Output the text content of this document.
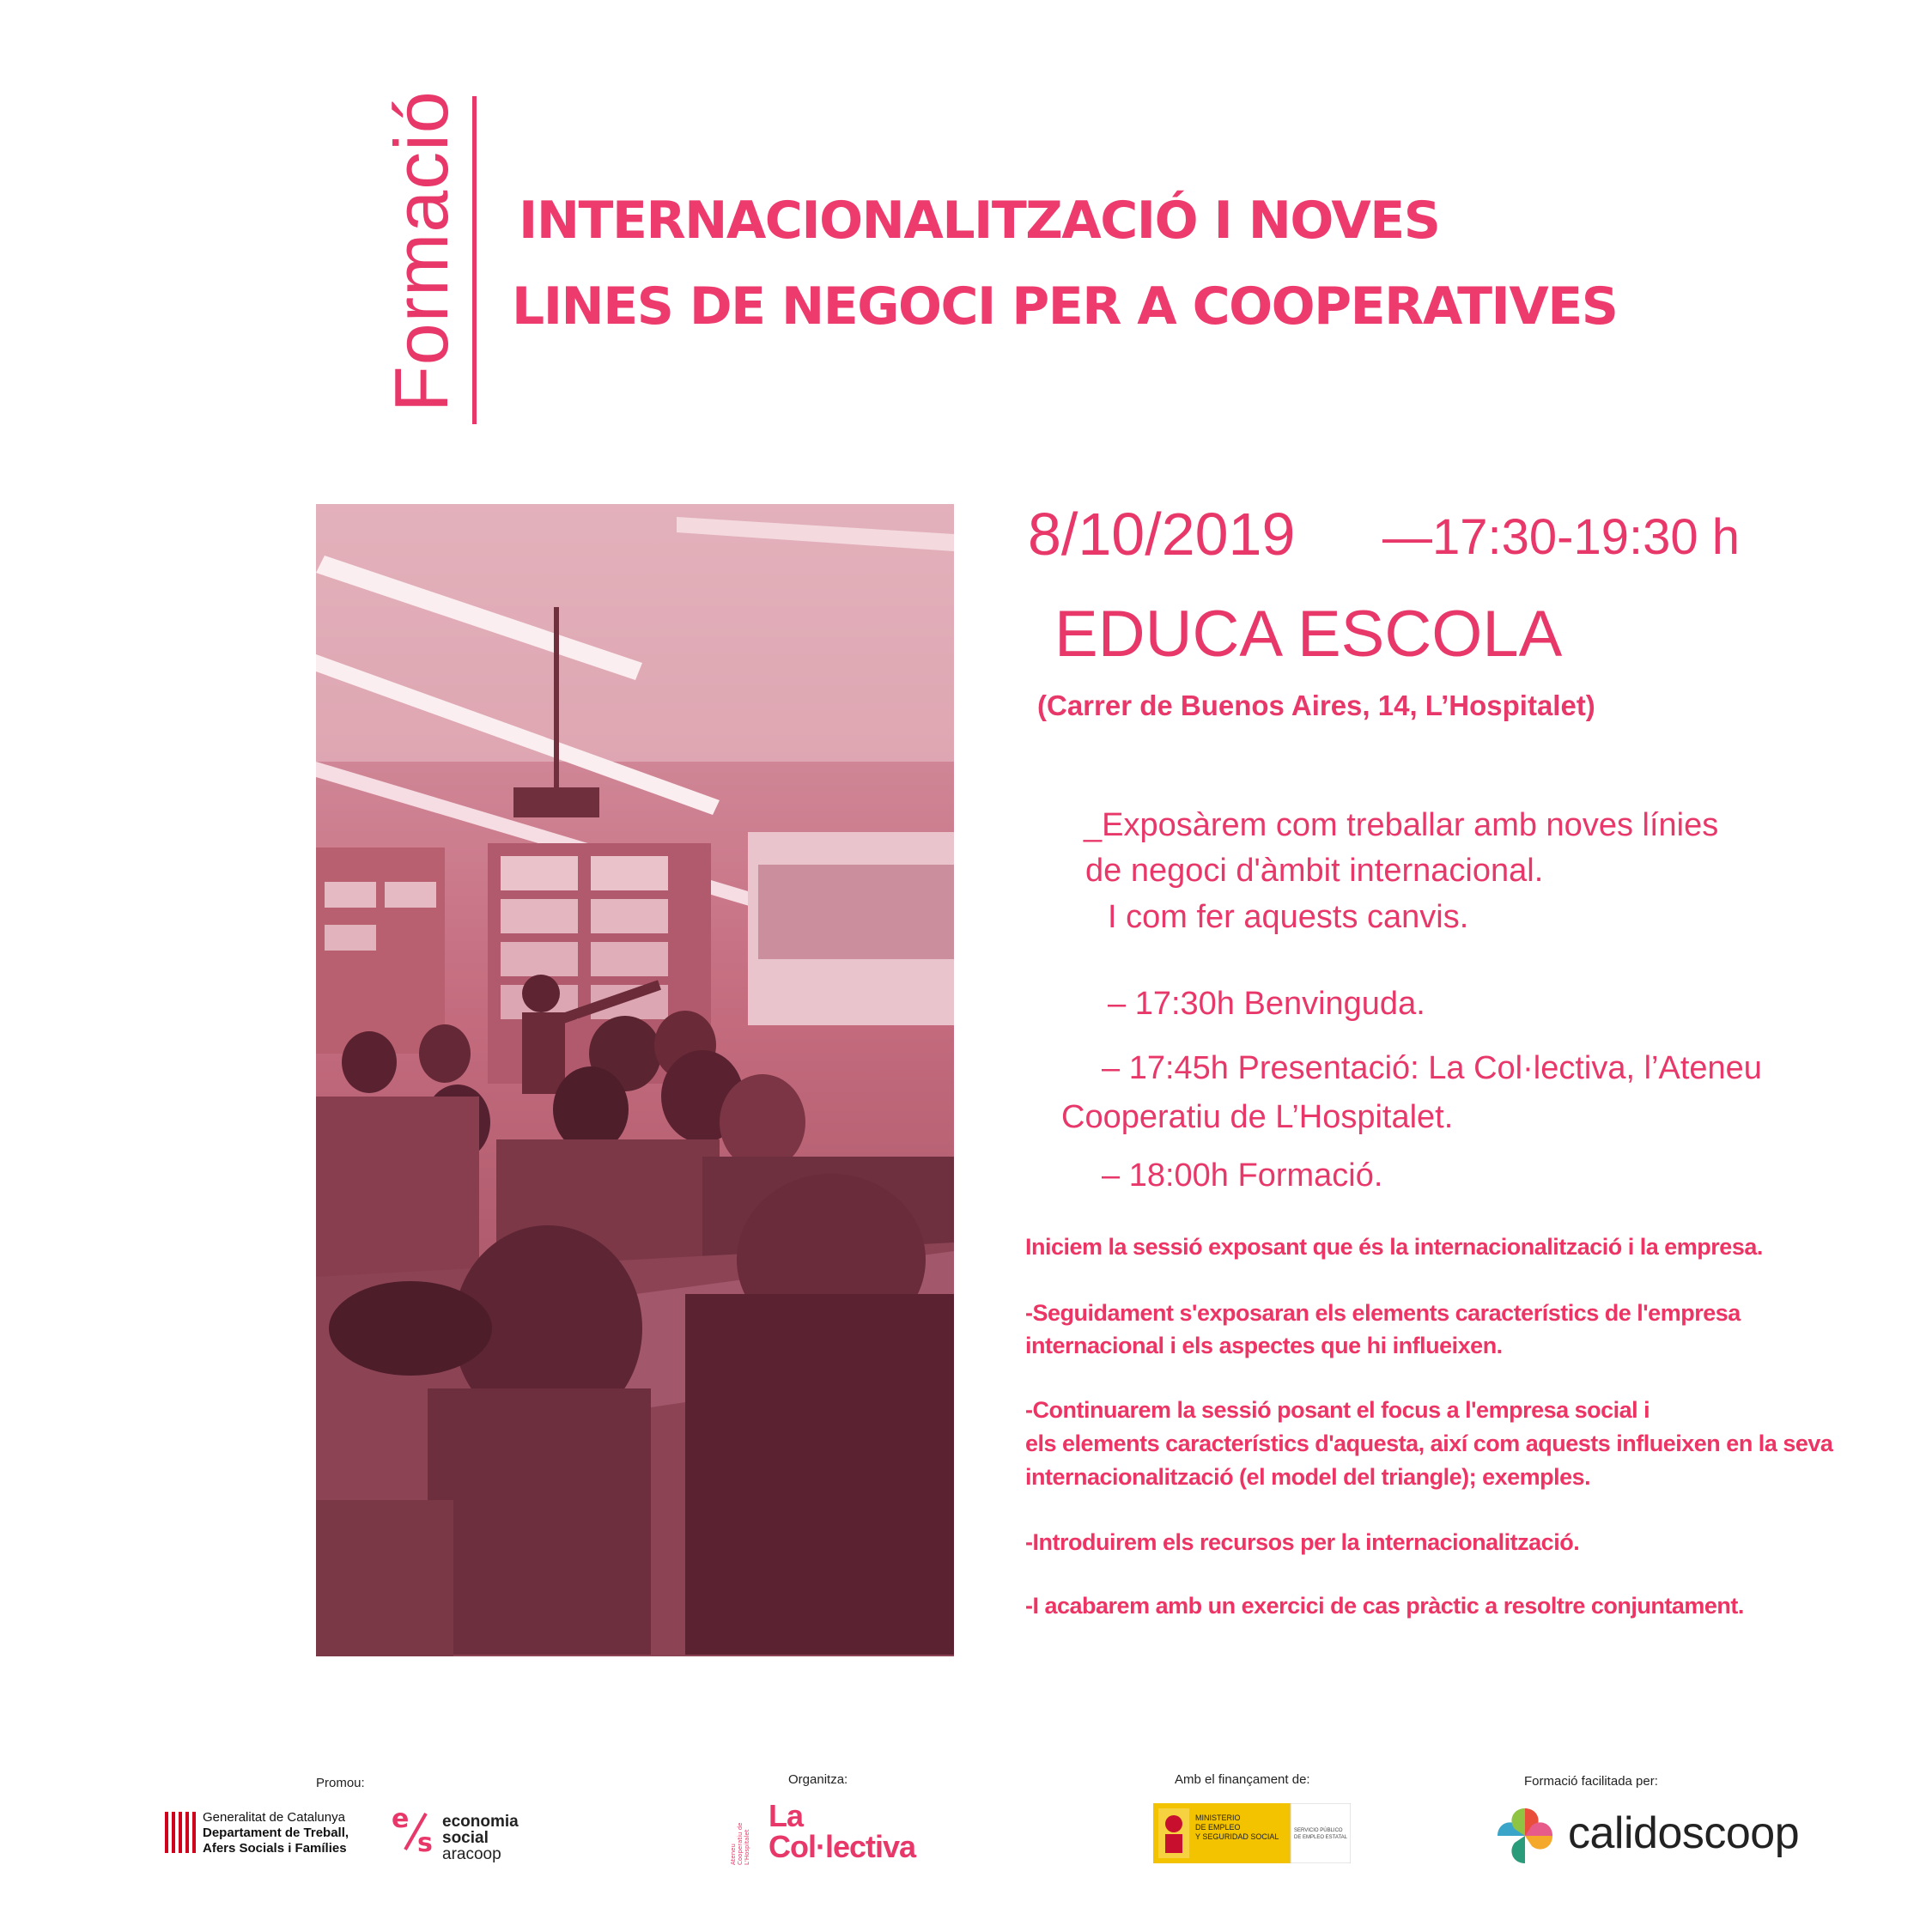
Formació INTERNACIONALITZACIÓ I NOVES
LINES DE NEGOCI PER A COOPERATIVES
8/10/2019 —17:30-19:30 h
EDUCA ESCOLA
(Carrer de Buenos Aires, 14, L’Hospitalet)
_Exposàrem com treballar amb noves línies
de negoci d'àmbit internacional.
I com fer aquests canvis.
– 17:30h Benvinguda.
– 17:45h Presentació: La Col·lectiva, l’Ateneu
Cooperatiu de L’Hospitalet.
– 18:00h Formació.
Iniciem la sessió exposant que és la internacionalització i la empresa.
-Seguidament s'exposaran els elements característics de l'empresa
internacional i els aspectes que hi influeixen.
-Continuarem la sessió posant el focus a l'empresa social i
els elements característics d'aquesta, així com aquests influeixen en la seva
internacionalització (el model del triangle); exemples.
-Introduirem els recursos per la internacionalització.
-I acabarem amb un exercici de cas pràctic a resoltre conjuntament.
Promou:	Organitza:	Amb el finançament de:	Formació facilitada per:
Generalitat de Catalunya
Departament de Treball,
Afers Socials i Famílies
e
s
economia
social
aracoop	Ateneu Cooperatiu de L'Hospitalet
La
Col·lectiva
MINISTERIO
DE EMPLEO
Y SEGURIDAD SOCIAL
SERVICIO PÚBLICO
DE EMPLEO ESTATAL	calidoscoop
